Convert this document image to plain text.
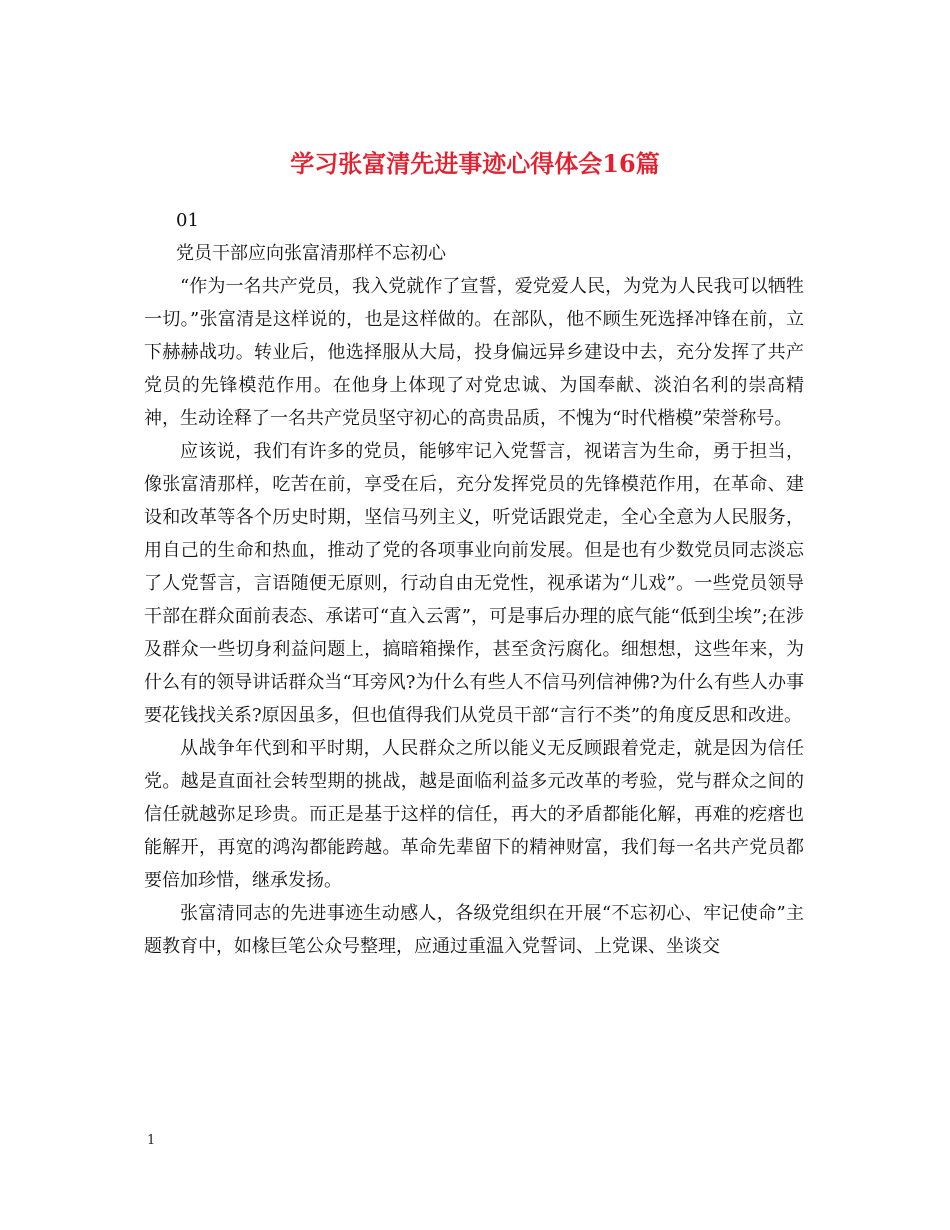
学习张富清先进事迹心得体会16篇

01

党员干部应向张富清那样不忘初心

“作为一名共产党员，我入党就作了宣誓，爱党爱人民，为党为人民我可以牺牲一切。”张富清是这样说的，也是这样做的。在部队，他不顾生死选择冲锋在前，立下赫赫战功。转业后，他选择服从大局，投身偏远异乡建设中去，充分发挥了共产党员的先锋模范作用。在他身上体现了对党忠诚、为国奉献、淡泊名利的崇高精神，生动诠释了一名共产党员坚守初心的高贵品质，不愧为“时代楷模”荣誉称号。

应该说，我们有许多的党员，能够牢记入党誓言，视诺言为生命，勇于担当，像张富清那样，吃苦在前，享受在后，充分发挥党员的先锋模范作用，在革命、建设和改革等各个历史时期，坚信马列主义，听党话跟党走，全心全意为人民服务，用自己的生命和热血，推动了党的各项事业向前发展。但是也有少数党员同志淡忘了人党誓言，言语随便无原则，行动自由无党性，视承诺为“儿戏”。一些党员领导干部在群众面前表态、承诺可“直入云霄”，可是事后办理的底气能“低到尘埃”;在涉及群众一些切身利益问题上，搞暗箱操作，甚至贪污腐化。细想想，这些年来，为什么有的领导讲话群众当“耳旁风?为什么有些人不信马列信神佛?为什么有些人办事要花钱找关系?原因虽多，但也值得我们从党员干部“言行不类”的角度反思和改进。

从战争年代到和平时期，人民群众之所以能义无反顾跟着党走，就是因为信任党。越是直面社会转型期的挑战，越是面临利益多元改革的考验，党与群众之间的信任就越弥足珍贵。而正是基于这样的信任，再大的矛盾都能化解，再难的疙瘩也能解开，再宽的鸿沟都能跨越。革命先辈留下的精神财富，我们每一名共产党员都要倍加珍惜，继承发扬。

张富清同志的先进事迹生动感人，各级党组织在开展“不忘初心、牢记使命”主题教育中，如椽巨笔公众号整理，应通过重温入党誓词、上党课、坐谈交

1
